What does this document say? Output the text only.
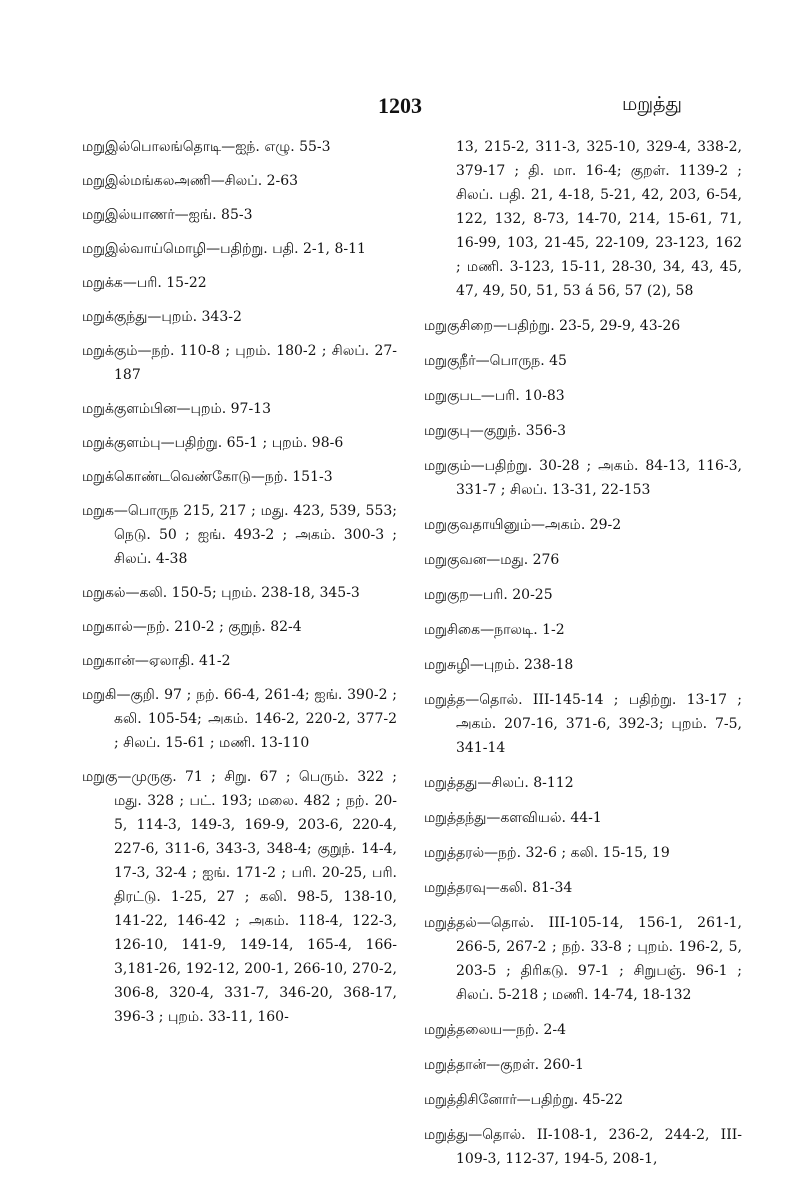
1203	மறுத்து
மறுஇல்பொலங்தொடி—ஐந். எழு. 55-3
மறுஇல்மங்கலஅணி—சிலப். 2-63
மறுஇல்யாணர்—ஐங். 85-3
மறுஇல்வாய்மொழி—பதிற்று. பதி. 2-1, 8-11
மறுக்க—பரி. 15-22
மறுக்குந்து—புறம். 343-2
மறுக்கும்—நற். 110-8 ; புறம். 180-2 ; சிலப். 27-187
மறுக்குளம்பின—புறம். 97-13
மறுக்குளம்பு—பதிற்று. 65-1 ; புறம். 98-6
மறுக்கொண்டவெண்கோடு—நற். 151-3
மறுக—பொருந 215, 217 ; மது. 423, 539, 553; நெடு. 50 ; ஐங். 493-2 ; அகம். 300-3 ; சிலப். 4-38
மறுகல்—கலி. 150-5; புறம். 238-18, 345-3
மறுகால்—நற். 210-2 ; குறுந். 82-4
மறுகான்—ஏலாதி. 41-2
மறுகி—குறி. 97 ; நற். 66-4, 261-4; ஐங். 390-2 ; கலி. 105-54; அகம். 146-2, 220-2, 377-2 ; சிலப். 15-61 ; மணி. 13-110
மறுகு—முருகு. 71 ; சிறு. 67 ; பெரும். 322 ; மது. 328 ; பட். 193; மலை. 482 ; நற். 20-5, 114-3, 149-3, 169-9, 203-6, 220-4, 227-6, 311-6, 343-3, 348-4; குறுந். 14-4, 17-3, 32-4 ; ஐங். 171-2 ; பரி. 20-25, பரி. திரட்டு. 1-25, 27 ; கலி. 98-5, 138-10, 141-22, 146-42 ; அகம். 118-4, 122-3, 126-10, 141-9, 149-14, 165-4, 166-3,181-26, 192-12, 200-1, 266-10, 270-2, 306-8, 320-4, 331-7, 346-20, 368-17, 396-3 ; புறம். 33-11, 160-
13, 215-2, 311-3, 325-10, 329-4, 338-2, 379-17 ; தி. மா. 16-4; குறள். 1139-2 ; சிலப். பதி. 21, 4-18, 5-21, 42, 203, 6-54, 122, 132, 8-73, 14-70, 214, 15-61, 71, 16-99, 103, 21-45, 22-109, 23-123, 162 ; மணி. 3-123, 15-11, 28-30, 34, 43, 45, 47, 49, 50, 51, 53 á 56, 57 (2), 58
மறுகுசிறை—பதிற்று. 23-5, 29-9, 43-26
மறுகுநீர்—பொருந. 45
மறுகுபட—பரி. 10-83
மறுகுபு—குறுந். 356-3
மறுகும்—பதிற்று. 30-28 ; அகம். 84-13, 116-3, 331-7 ; சிலப். 13-31, 22-153
மறுகுவதாயினும்—அகம். 29-2
மறுகுவன—மது. 276
மறுகுற—பரி. 20-25
மறுசிகை—நாலடி. 1-2
மறுசுழி—புறம். 238-18
மறுத்த—தொல். III-145-14 ; பதிற்று. 13-17 ; அகம். 207-16, 371-6, 392-3; புறம். 7-5, 341-14
மறுத்தது—சிலப். 8-112
மறுத்தந்து—களவியல். 44-1
மறுத்தரல்—நற். 32-6 ; கலி. 15-15, 19
மறுத்தரவு—கலி. 81-34
மறுத்தல்—தொல். III-105-14, 156-1, 261-1, 266-5, 267-2 ; நற். 33-8 ; புறம். 196-2, 5, 203-5 ; திரிகடு. 97-1 ; சிறுபஞ். 96-1 ; சிலப். 5-218 ; மணி. 14-74, 18-132
மறுத்தலைய—நற். 2-4
மறுத்தான்—குறள். 260-1
மறுத்திசினோர்—பதிற்று. 45-22
மறுத்து—தொல். II-108-1, 236-2, 244-2, III-109-3, 112-37, 194-5, 208-1,
